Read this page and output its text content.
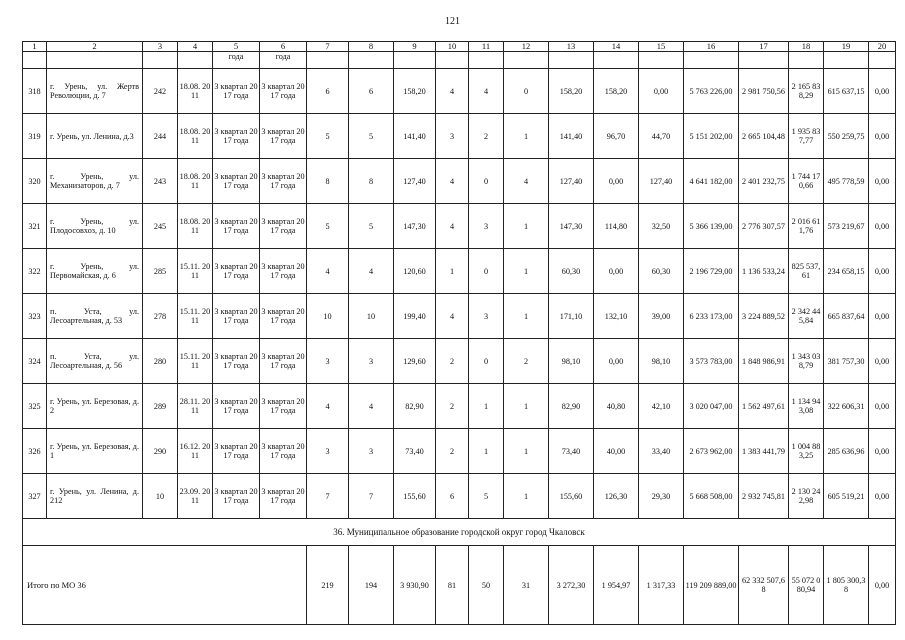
121
1	2	3	4	5	6	7	8	9	10	11	12	13	14	15	16	17	18	19	20
				года	года														
318	г. Урень, ул. Жертв Революции, д. 7	242	18.08. 2011	3 квартал 2017 года	3 квартал 2017 года	6	6	158,20	4	4	0	158,20	158,20	0,00	5 763 226,00	2 981 750,56	2 165 838,29	615 637,15	0,00
319	г. Урень, ул. Ленина, д.3	244	18.08. 2011	3 квартал 2017 года	3 квартал 2017 года	5	5	141,40	3	2	1	141,40	96,70	44,70	5 151 202,00	2 665 104,48	1 935 837,77	550 259,75	0,00
320	г. Урень, ул. Механизаторов, д. 7	243	18.08. 2011	3 квартал 2017 года	3 квартал 2017 года	8	8	127,40	4	0	4	127,40	0,00	127,40	4 641 182,00	2 401 232,75	1 744 170,66	495 778,59	0,00
321	г. Урень, ул. Плодосовхоз, д. 10	245	18.08. 2011	3 квартал 2017 года	3 квартал 2017 года	5	5	147,30	4	3	1	147,30	114,80	32,50	5 366 139,00	2 776 307,57	2 016 611,76	573 219,67	0,00
322	г. Урень, ул. Первомайская, д. 6	285	15.11. 2011	3 квартал 2017 года	3 квартал 2017 года	4	4	120,60	1	0	1	60,30	0,00	60,30	2 196 729,00	1 136 533,24	825 537,61	234 658,15	0,00
323	п. Уста, ул. Лесоартельная, д. 53	278	15.11. 2011	3 квартал 2017 года	3 квартал 2017 года	10	10	199,40	4	3	1	171,10	132,10	39,00	6 233 173,00	3 224 889,52	2 342 445,84	665 837,64	0,00
324	п. Уста, ул. Лесоартельная, д. 56	280	15.11. 2011	3 квартал 2017 года	3 квартал 2017 года	3	3	129,60	2	0	2	98,10	0,00	98,10	3 573 783,00	1 848 986,91	1 343 038,79	381 757,30	0,00
325	г. Урень, ул. Березовая, д. 2	289	28.11. 2011	3 квартал 2017 года	3 квартал 2017 года	4	4	82,90	2	1	1	82,90	40,80	42,10	3 020 047,00	1 562 497,61	1 134 943,08	322 606,31	0,00
326	г. Урень, ул. Березовая, д. 1	290	16.12. 2011	3 квартал 2017 года	3 квартал 2017 года	3	3	73,40	2	1	1	73,40	40,00	33,40	2 673 962,00	1 383 441,79	1 004 883,25	285 636,96	0,00
327	г. Урень, ул. Ленина, д. 212	10	23.09. 2011	3 квартал 2017 года	3 квартал 2017 года	7	7	155,60	6	5	1	155,60	126,30	29,30	5 668 508,00	2 932 745,81	2 130 242,98	605 519,21	0,00
36. Муниципальное образование городской округ город Чкаловск																			
Итого по МО 36						219	194	3 930,90	81	50	31	3 272,30	1 954,97	1 317,33	119 209 889,00	62 332 507,68	55 072 080,94	1 805 300,38	0,00
